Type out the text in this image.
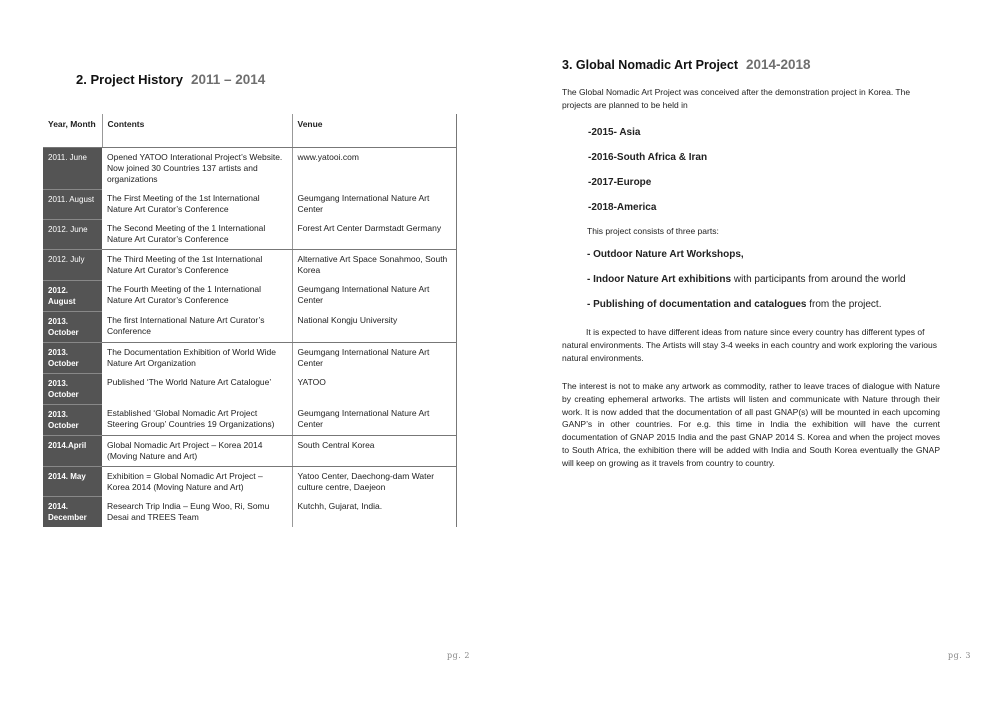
2. Project History 2011 – 2014
Year, Month	Contents	Venue
2011. June	Opened YATOO Interational Project’s Website. Now joined 30 Countries 137 artists and organizations	www.yatooi.com
2011. August	The First Meeting of the 1st International Nature Art Curator’s Conference	Geumgang International Nature Art Center
2012. June	The Second Meeting of the 1 International Nature Art Curator’s Conference	Forest Art Center Darmstadt Germany
2012. July	The Third Meeting of the 1st International Nature Art Curator’s Conference	Alternative Art Space Sonahmoo, South Korea
2012. August	The Fourth Meeting of the 1 International Nature Art Curator’s Conference	Geumgang International Nature Art Center
2013. October	The first International Nature Art Curator’s Conference	National Kongju University
2013. October	The Documentation Exhibition of World Wide Nature Art Organization	Geumgang International Nature Art Center
2013. October	Published ‘The World Nature Art Catalogue’	YATOO
2013. October	Established ‘Global Nomadic Art Project Steering Group’ Countries 19 Organizations)	Geumgang International Nature Art Center
2014.April	Global Nomadic Art Project – Korea 2014 (Moving Nature and Art)	South Central Korea
2014. May	Exhibition = Global Nomadic Art Project – Korea 2014 (Moving Nature and Art)	Yatoo Center, Daechong-dam Water culture centre, Daejeon
2014. December	Research Trip India – Eung Woo, Ri, Somu Desai and TREES Team	Kutchh, Gujarat, India.
pg. 2
3. Global Nomadic Art Project 2014-2018

The Global Nomadic Art Project was conceived after the demonstration project in Korea. The projects are planned to be held in

-2015- Asia
-2016-South Africa & Iran
-2017-Europe
-2018-America

This project consists of three parts:

- Outdoor Nature Art Workshops,
- Indoor Nature Art exhibitions with participants from around the world
- Publishing of documentation and catalogues from the project.

It is expected to have different ideas from nature since every country has different types of natural environments. The Artists will stay 3-4 weeks in each country and work exploring the various natural environments.

The interest is not to make any artwork as commodity, rather to leave traces of dialogue with Nature by creating ephemeral artworks. The artists will listen and communicate with Nature through their work. It is now added that the documentation of all past GNAP(s) will be mounted in each upcoming GANP’s in other countries. For e.g. this time in India the exhibition will have the current documentation of GNAP 2015 India and the past GNAP 2014 S. Korea and when the project moves to South Africa, the exhibition there will be added with India and South Korea eventually the GNAP will keep on growing as it travels from country to country.

pg. 3
